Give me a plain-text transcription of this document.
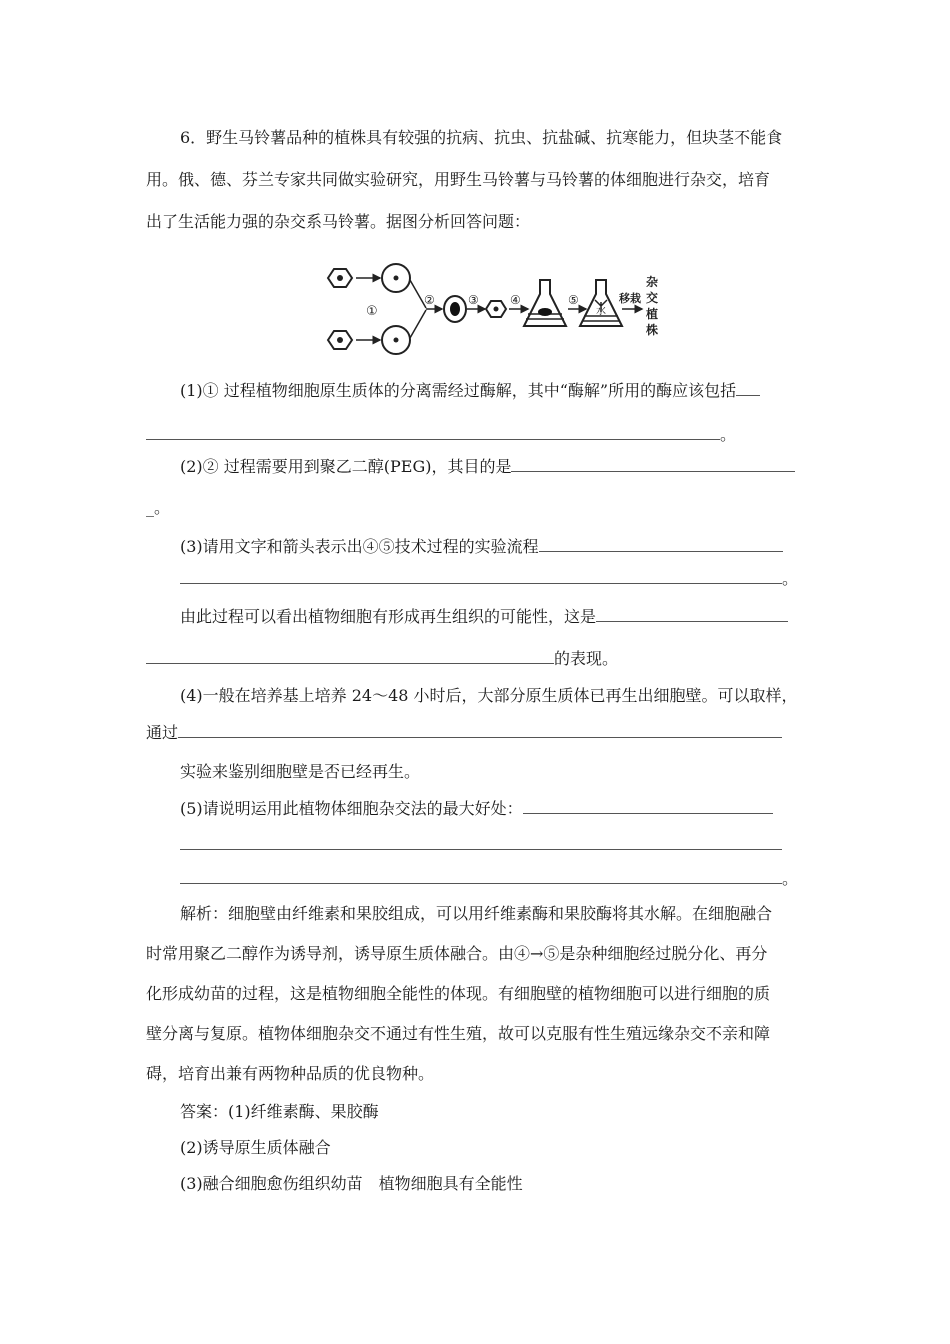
6．野生马铃薯品种的植株具有较强的抗病、抗虫、抗盐碱、抗寒能力，但块茎不能食
用。俄、德、芬兰专家共同做实验研究，用野生马铃薯与马铃薯的体细胞进行杂交，培育
出了生活能力强的杂交系马铃薯。据图分析回答问题：
①
②	③	④	⑤
水
移栽
杂
交
植
株
(1)① 过程植物细胞原生质体的分离需经过酶解，其中“酶解”所用的酶应该包括
。
(2)② 过程需要用到聚乙二醇(PEG)，其目的是
_。
(3)请用文字和箭头表示出④⑤技术过程的实验流程
。
由此过程可以看出植物细胞有形成再生组织的可能性，这是
的表现。
(4)一般在培养基上培养 24～48 小时后，大部分原生质体已再生出细胞壁。可以取样，
通过
实验来鉴别细胞壁是否已经再生。
(5)请说明运用此植物体细胞杂交法的最大好处：
。
解析：细胞壁由纤维素和果胶组成，可以用纤维素酶和果胶酶将其水解。在细胞融合
时常用聚乙二醇作为诱导剂，诱导原生质体融合。由④→⑤是杂种细胞经过脱分化、再分
化形成幼苗的过程，这是植物细胞全能性的体现。有细胞壁的植物细胞可以进行细胞的质
壁分离与复原。植物体细胞杂交不通过有性生殖，故可以克服有性生殖远缘杂交不亲和障
碍，培育出兼有两物种品质的优良物种。
答案：(1)纤维素酶、果胶酶
(2)诱导原生质体融合
(3)融合细胞愈伤组织幼苗　植物细胞具有全能性
